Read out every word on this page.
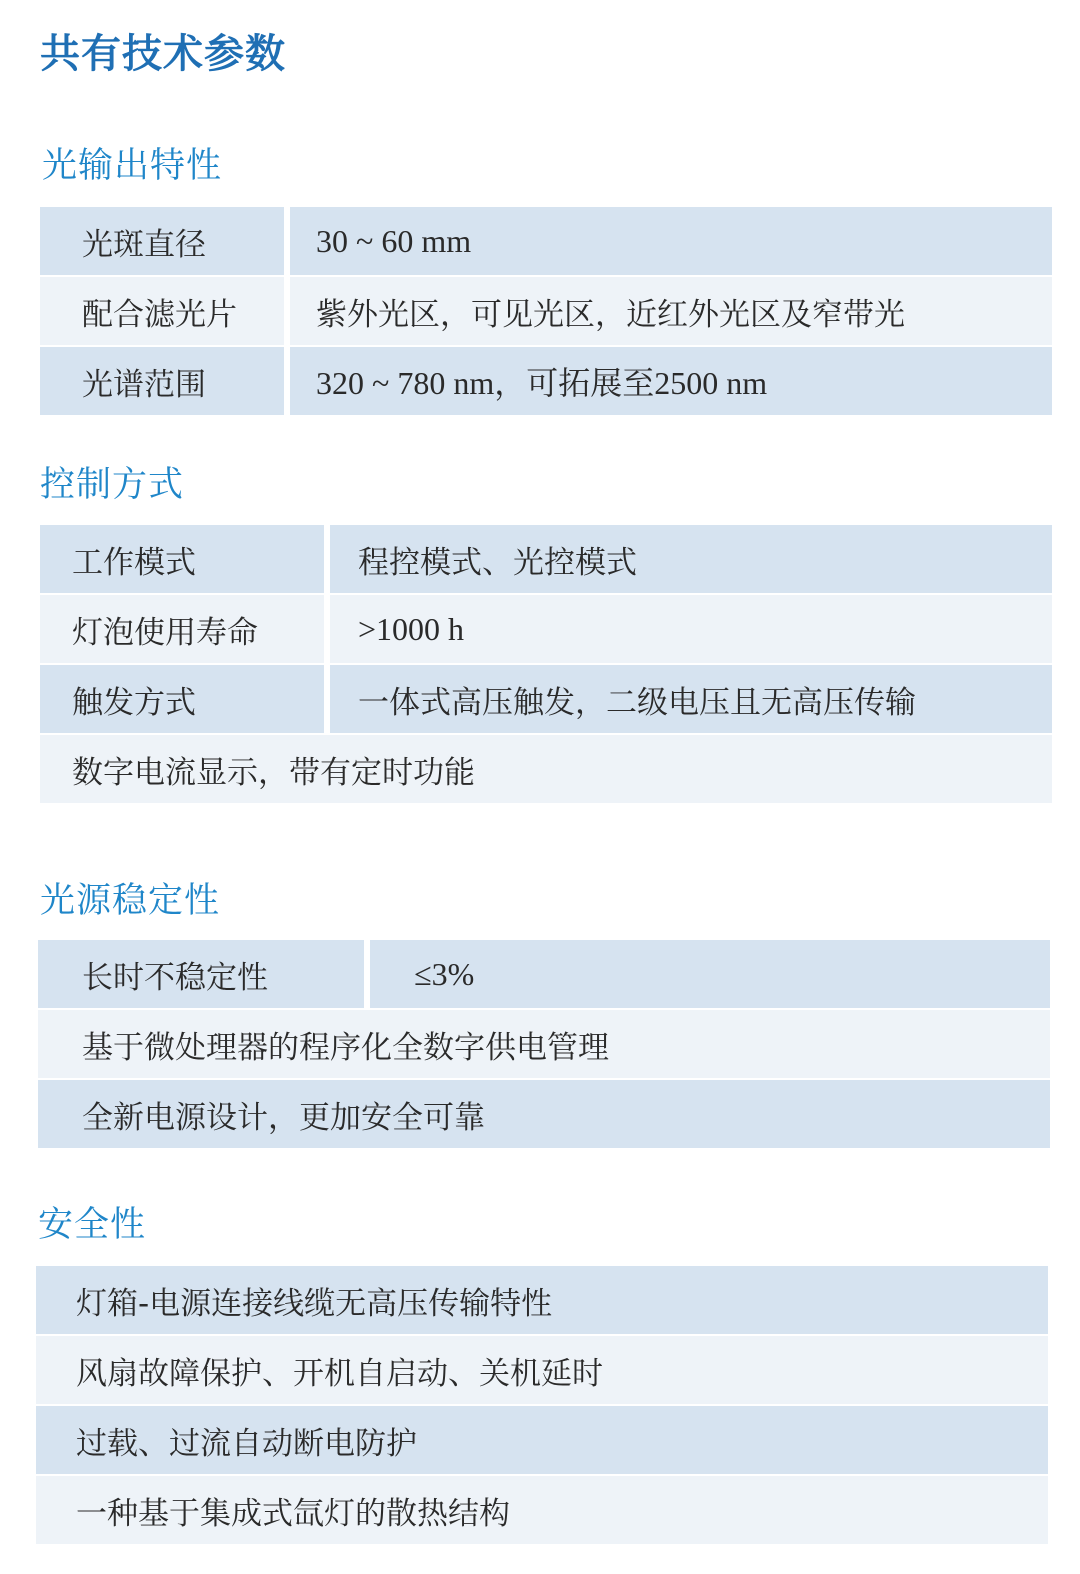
共有技术参数
光输出特性
光斑直径	30 ~ 60 mm
配合滤光片	紫外光区，可见光区，近红外光区及窄带光
光谱范围	320 ~ 780 nm，可拓展至2500 nm
控制方式
工作模式	程控模式、光控模式
灯泡使用寿命	>1000 h
触发方式	一体式高压触发，二级电压且无高压传输
数字电流显示，带有定时功能
光源稳定性
长时不稳定性	≤3%
基于微处理器的程序化全数字供电管理
全新电源设计，更加安全可靠
安全性
灯箱-电源连接线缆无高压传输特性
风扇故障保护、开机自启动、关机延时
过载、过流自动断电防护
一种基于集成式氙灯的散热结构
